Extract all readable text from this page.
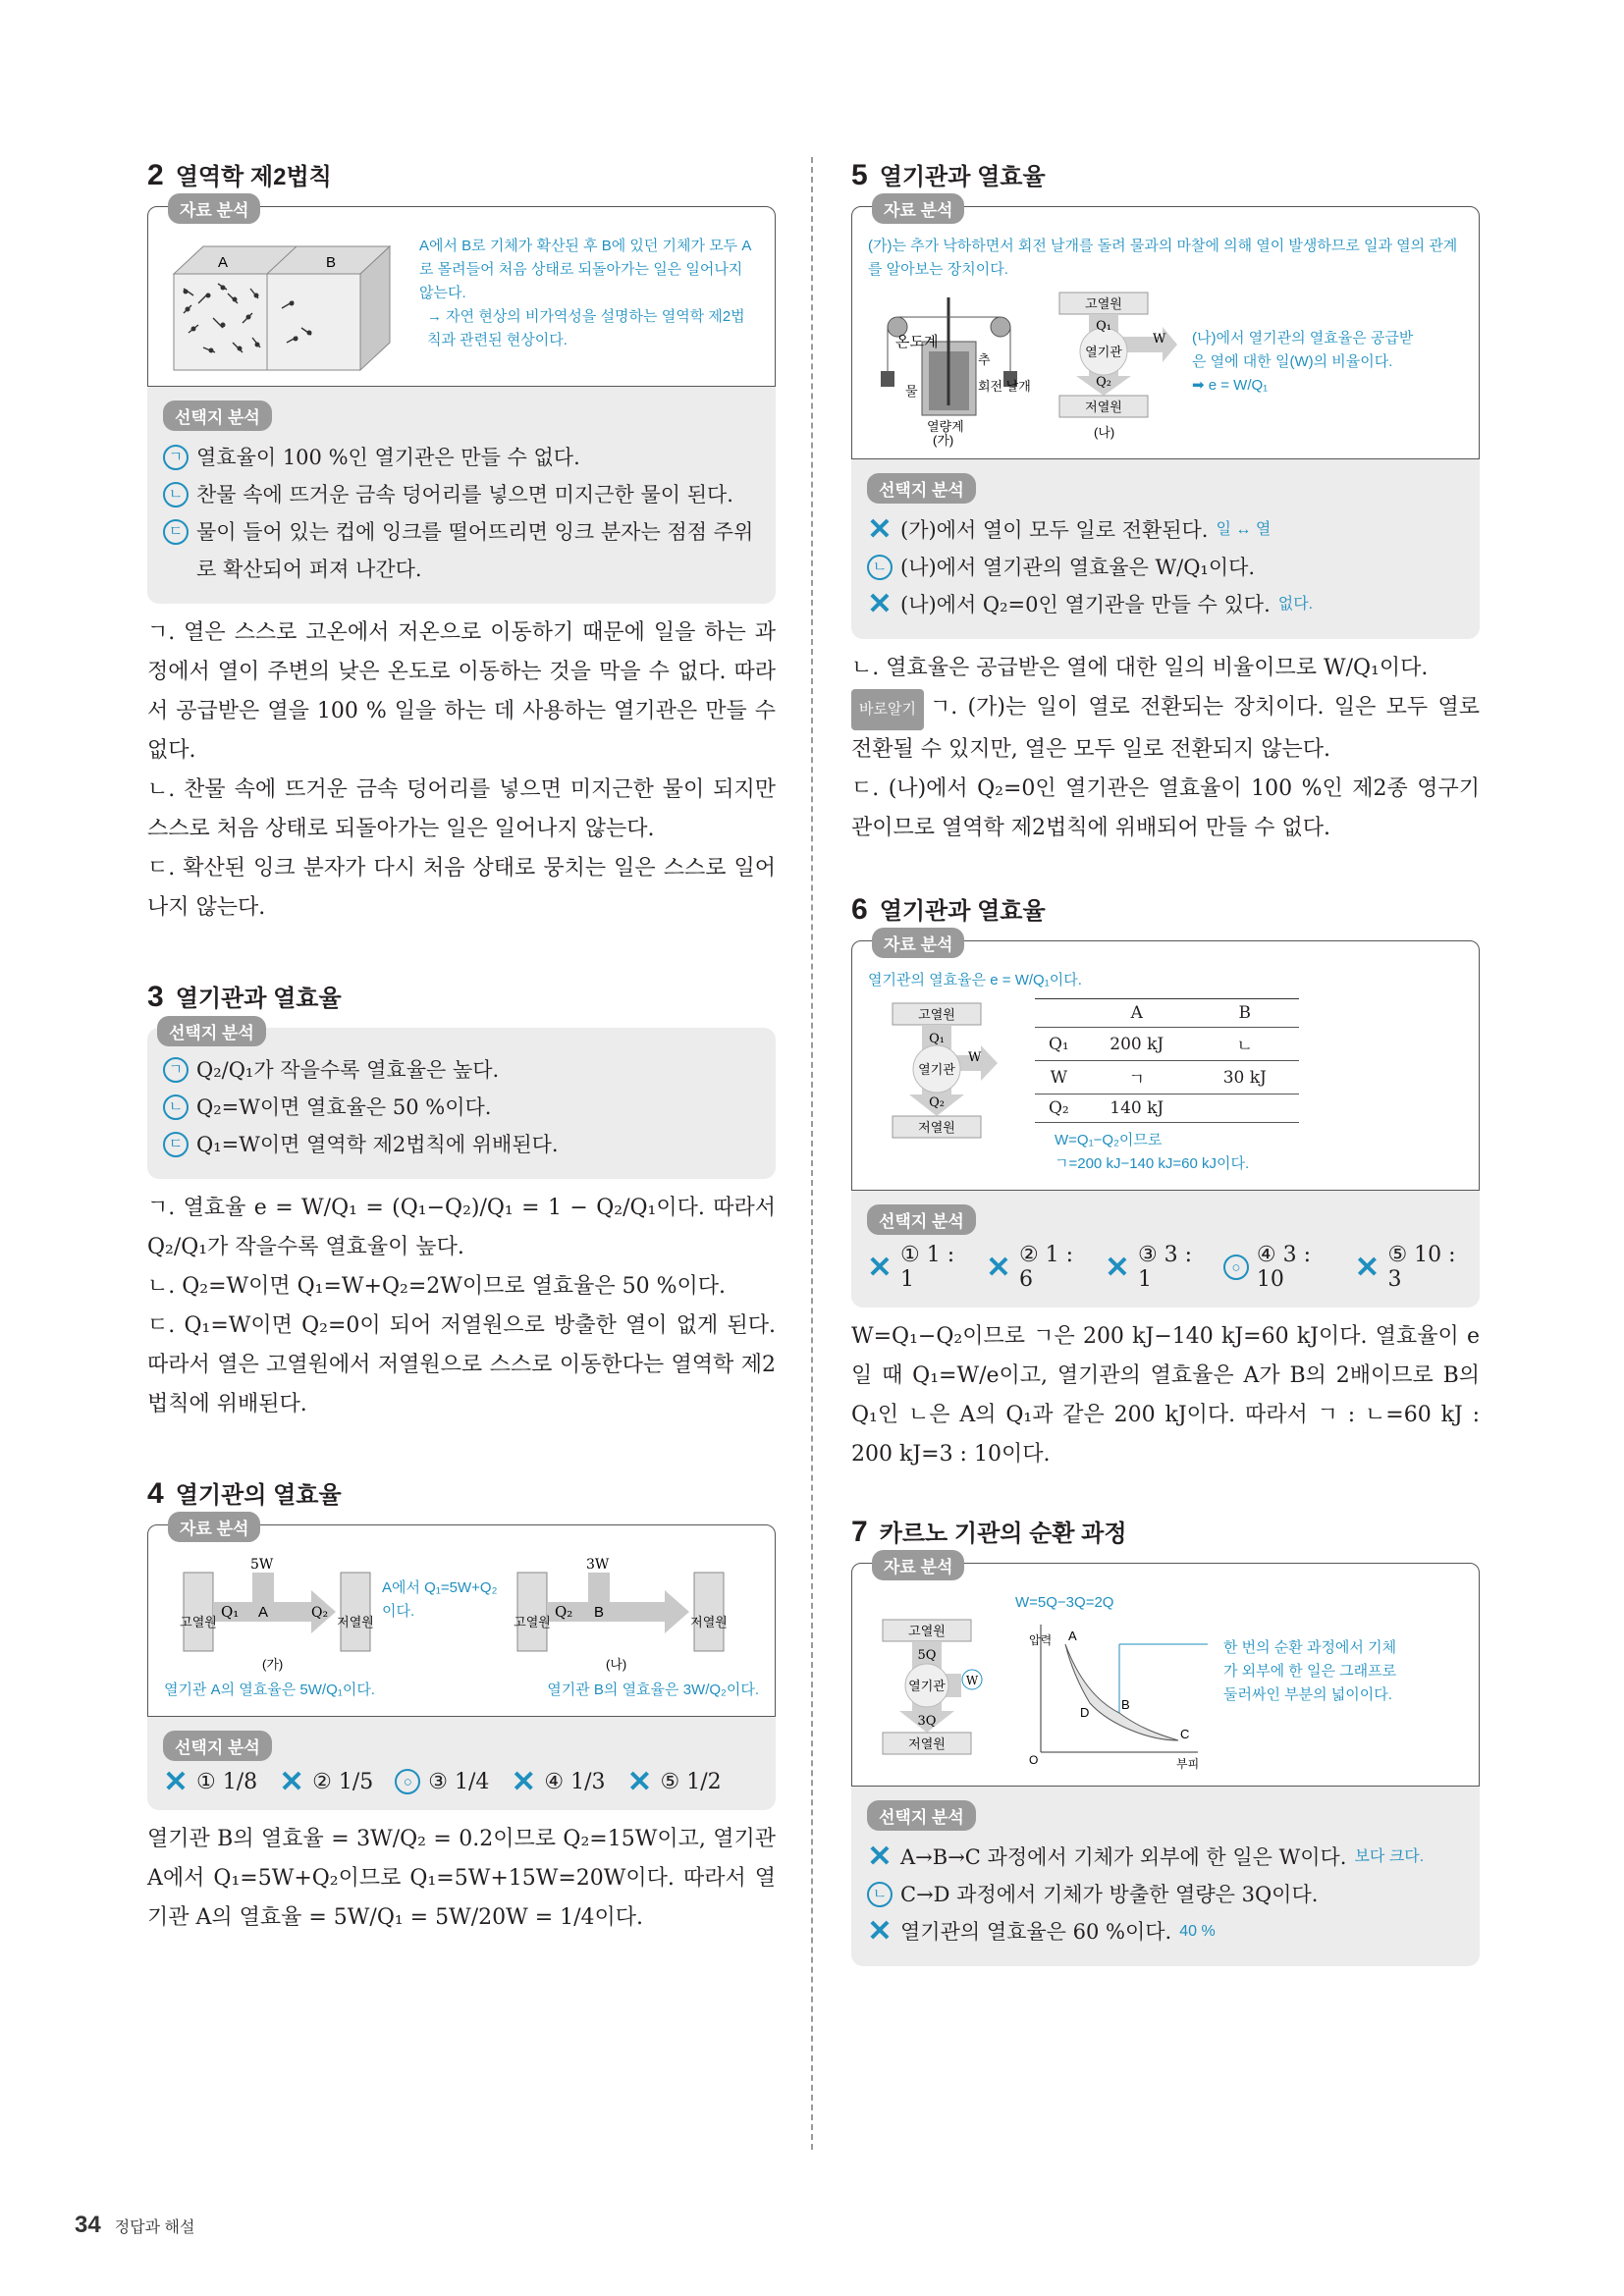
2 열역학 제2법칙
자료 분석
A	B
A에서 B로 기체가 확산된 후 B에 있던 기체가 모두 A로 몰려들어 처음 상태로 되돌아가는 일은 일어나지 않는다.
→ 자연 현상의 비가역성을 설명하는 열역학 제2법칙과 관련된 현상이다.
선택지 분석
ㄱ 열효율이 100 %인 열기관은 만들 수 없다.
ㄴ 찬물 속에 뜨거운 금속 덩어리를 넣으면 미지근한 물이 된다.
ㄷ 물이 들어 있는 컵에 잉크를 떨어뜨리면 잉크 분자는 점점 주위로 확산되어 퍼져 나간다.
ㄱ. 열은 스스로 고온에서 저온으로 이동하기 때문에 일을 하는 과정에서 열이 주변의 낮은 온도로 이동하는 것을 막을 수 없다. 따라서 공급받은 열을 100 % 일을 하는 데 사용하는 열기관은 만들 수 없다.
ㄴ. 찬물 속에 뜨거운 금속 덩어리를 넣으면 미지근한 물이 되지만 스스로 처음 상태로 되돌아가는 일은 일어나지 않는다.
ㄷ. 확산된 잉크 분자가 다시 처음 상태로 뭉치는 일은 스스로 일어나지 않는다.
3 열기관과 열효율
선택지 분석
ㄱ Q₂/Q₁가 작을수록 열효율은 높다.
ㄴ Q₂=W이면 열효율은 50 %이다.
ㄷ Q₁=W이면 열역학 제2법칙에 위배된다.
ㄱ. 열효율 e = W/Q₁ = (Q₁−Q₂)/Q₁ = 1 − Q₂/Q₁이다. 따라서 Q₂/Q₁가 작을수록 열효율이 높다.
ㄴ. Q₂=W이면 Q₁=W+Q₂=2W이므로 열효율은 50 %이다.
ㄷ. Q₁=W이면 Q₂=0이 되어 저열원으로 방출한 열이 없게 된다. 따라서 열은 고열원에서 저열원으로 스스로 이동한다는 열역학 제2법칙에 위배된다.
4 열기관의 열효율
자료 분석
고열원	저열원
Q₁ A	Q₂
5W
(가)
고열원	저열원
Q₂ B
3W
(나)
A에서 Q₁=5W+Q₂이다.
열기관 A의 열효율은 5W/Q₁이다.	열기관 B의 열효율은 3W/Q₂이다.
선택지 분석
✕ ① 1/8 ✕ ② 1/5	○ ③ 1/4 ✕ ④ 1/3 ✕ ⑤ 1/2
열기관 B의 열효율 = 3W/Q₂ = 0.2이므로 Q₂=15W이고, 열기관 A에서 Q₁=5W+Q₂이므로 Q₁=5W+15W=20W이다. 따라서 열기관 A의 열효율 = 5W/Q₁ = 5W/20W = 1/4이다.
5 열기관과 열효율
자료 분석
(가)는 추가 낙하하면서 회전 날개를 돌려 물과의 마찰에 의해 열이 발생하므로 일과 열의 관계를 알아보는 장치이다.
온도계
추
물	회전 날개
열량계
(가)
고열원
Q₁
열기관
W
Q₂
저열원
(나)
(나)에서 열기관의 열효율은 공급받은 열에 대한 일(W)의 비율이다.
➡ e = W/Q₁
선택지 분석
✕ (가)에서 열이 모두 일로 전환된다. 일 ↔ 열
ㄴ (나)에서 열기관의 열효율은 W/Q₁이다.
✕ (나)에서 Q₂=0인 열기관을 만들 수 있다. 없다.
ㄴ. 열효율은 공급받은 열에 대한 일의 비율이므로 W/Q₁이다.
바로알기 ㄱ. (가)는 일이 열로 전환되는 장치이다. 일은 모두 열로 전환될 수 있지만, 열은 모두 일로 전환되지 않는다.
ㄷ. (나)에서 Q₂=0인 열기관은 열효율이 100 %인 제2종 영구기관이므로 열역학 제2법칙에 위배되어 만들 수 없다.
6 열기관과 열효율
자료 분석
열기관의 열효율은 e = W/Q₁이다.
고열원
Q₁
열기관
W
Q₂
저열원
	A	B
Q₁	200 kJ	ㄴ
W	ㄱ	30 kJ
Q₂	140 kJ	
W=Q₁−Q₂이므로
ㄱ=200 kJ−140 kJ=60 kJ이다.
선택지 분석
✕ ① 1 : 1	✕ ② 1 : 6	✕ ③ 3 : 1	○ ④ 3 : 10	✕ ⑤ 10 : 3
W=Q₁−Q₂이므로 ㄱ은 200 kJ−140 kJ=60 kJ이다. 열효율이 e일 때 Q₁=W/e이고, 열기관의 열효율은 A가 B의 2배이므로 B의 Q₁인 ㄴ은 A의 Q₁과 같은 200 kJ이다. 따라서 ㄱ : ㄴ=60 kJ : 200 kJ=3 : 10이다.
7 카르노 기관의 순환 과정
자료 분석
W=5Q−3Q=2Q
고열원
5Q
열기관 W
3Q
저열원
압력
부피
O
A
B
C
D
한 번의 순환 과정에서 기체가 외부에 한 일은 그래프로 둘러싸인 부분의 넓이이다.
선택지 분석
✕ A→B→C 과정에서 기체가 외부에 한 일은 W이다. 보다 크다.
ㄴ C→D 과정에서 기체가 방출한 열량은 3Q이다.
✕ 열기관의 열효율은 60 %이다. 40 %
34 정답과 해설
